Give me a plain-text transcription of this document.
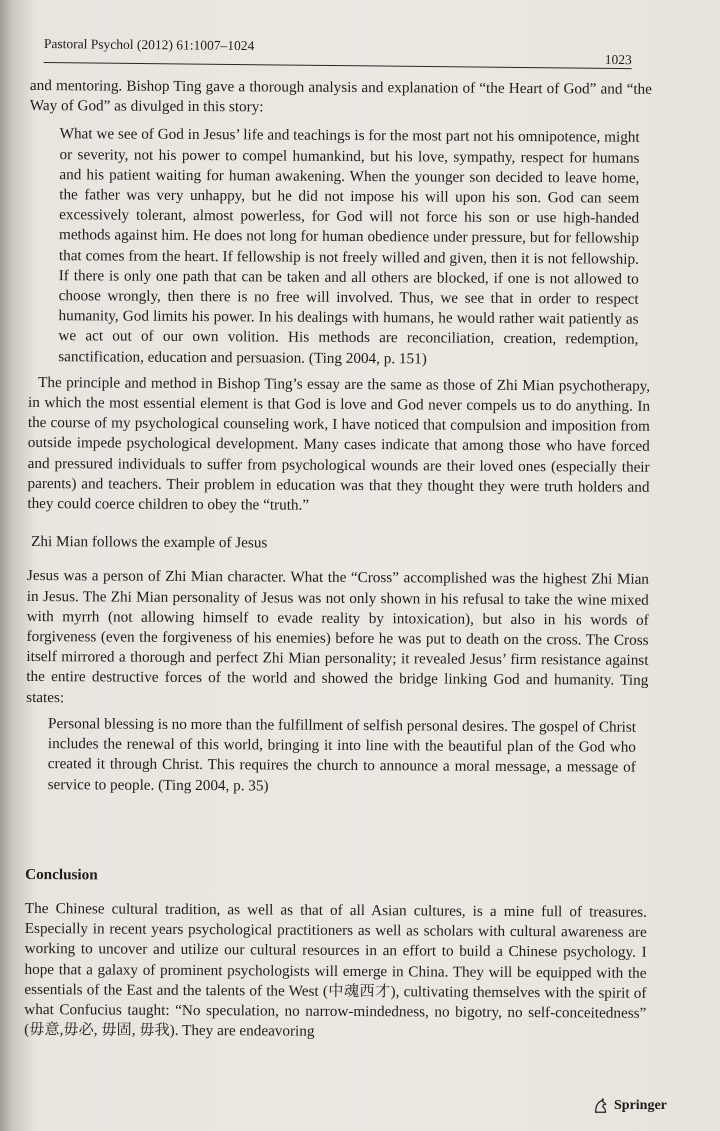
Pastoral Psychol (2012) 61:1007–1024
1023

and mentoring. Bishop Ting gave a thorough analysis and explanation of “the Heart of God” and “the Way of God” as divulged in this story:

What we see of God in Jesus’ life and teachings is for the most part not his omnipotence, might or severity, not his power to compel humankind, but his love, sympathy, respect for humans and his patient waiting for human awakening. When the younger son decided to leave home, the father was very unhappy, but he did not impose his will upon his son. God can seem excessively tolerant, almost powerless, for God will not force his son or use high-handed methods against him. He does not long for human obedience under pressure, but for fellowship that comes from the heart. If fellowship is not freely willed and given, then it is not fellowship. If there is only one path that can be taken and all others are blocked, if one is not allowed to choose wrongly, then there is no free will involved. Thus, we see that in order to respect humanity, God limits his power. In his dealings with humans, he would rather wait patiently as we act out of our own volition. His methods are reconciliation, creation, redemption, sanctification, education and persuasion. (Ting 2004, p. 151)

The principle and method in Bishop Ting’s essay are the same as those of Zhi Mian psychotherapy, in which the most essential element is that God is love and God never compels us to do anything. In the course of my psychological counseling work, I have noticed that compulsion and imposition from outside impede psychological development. Many cases indicate that among those who have forced and pressured individuals to suffer from psychological wounds are their loved ones (especially their parents) and teachers. Their problem in education was that they thought they were truth holders and they could coerce children to obey the “truth.”

Zhi Mian follows the example of Jesus

Jesus was a person of Zhi Mian character. What the “Cross” accomplished was the highest Zhi Mian in Jesus. The Zhi Mian personality of Jesus was not only shown in his refusal to take the wine mixed with myrrh (not allowing himself to evade reality by intoxication), but also in his words of forgiveness (even the forgiveness of his enemies) before he was put to death on the cross. The Cross itself mirrored a thorough and perfect Zhi Mian personality; it revealed Jesus’ firm resistance against the entire destructive forces of the world and showed the bridge linking God and humanity. Ting states:

Personal blessing is no more than the fulfillment of selfish personal desires. The gospel of Christ includes the renewal of this world, bringing it into line with the beautiful plan of the God who created it through Christ. This requires the church to announce a moral message, a message of service to people. (Ting 2004, p. 35)

Conclusion

The Chinese cultural tradition, as well as that of all Asian cultures, is a mine full of treasures. Especially in recent years psychological practitioners as well as scholars with cultural awareness are working to uncover and utilize our cultural resources in an effort to build a Chinese psychology. I hope that a galaxy of prominent psychologists will emerge in China. They will be equipped with the essentials of the East and the talents of the West (中魂西才), cultivating themselves with the spirit of what Confucius taught: “No speculation, no narrow-mindedness, no bigotry, no self-conceitedness” (毋意,毋必, 毋固, 毋我). They are endeavoring

Springer
